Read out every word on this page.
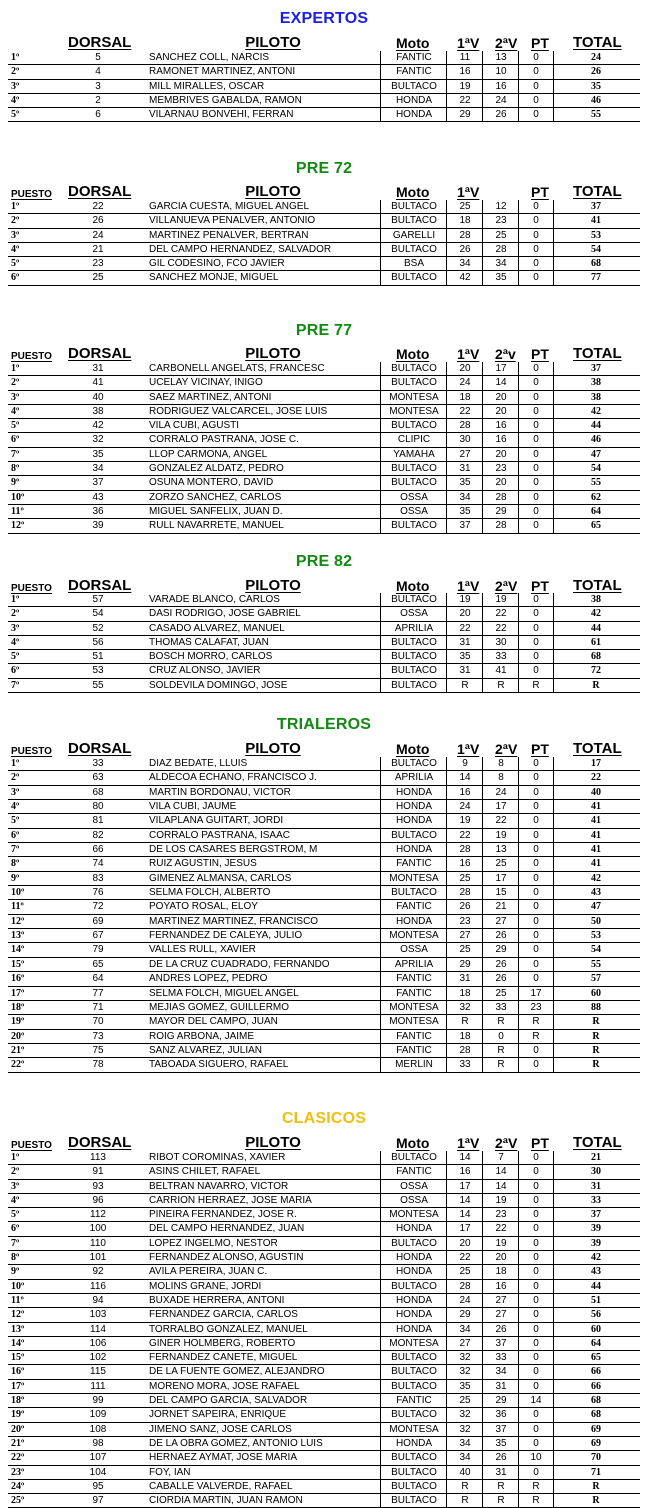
EXPERTOS
DORSAL	PILOTO	Moto 1ªV 2ªV PT TOTAL
1º	5	SANCHEZ COLL, NARCIS	FANTIC	11	13	0	24
2º	4	RAMONET MARTINEZ, ANTONI	FANTIC	16	10	0	26
3º	3	MILL MIRALLES, OSCAR	BULTACO	19	16	0	35
4º	2	MEMBRIVES GABALDA, RAMON	HONDA	22	24	0	46
5º	6	VILARNAU BONVEHI, FERRAN	HONDA	29	26	0	55
PRE 72
PUESTO DORSAL	PILOTO	Moto 1ªV	PT TOTAL
1º	22	GARCIA CUESTA, MIGUEL ANGEL	BULTACO	25	12	0	37
2º	26	VILLANUEVA PENALVER, ANTONIO	BULTACO	18	23	0	41
3º	24	MARTINEZ PENALVER, BERTRAN	GARELLI	28	25	0	53
4º	21	DEL CAMPO HERNANDEZ, SALVADOR	BULTACO	26	28	0	54
5º	23	GIL CODESINO, FCO JAVIER	BSA	34	34	0	68
6º	25	SANCHEZ MONJE, MIGUEL	BULTACO	42	35	0	77
PRE 77
PUESTO DORSAL	PILOTO	Moto 1ªV 2ªv PT TOTAL
1º	31	CARBONELL ANGELATS, FRANCESC	BULTACO	20	17	0	37
2º	41	UCELAY VICINAY, INIGO	BULTACO	24	14	0	38
3º	40	SAEZ MARTINEZ, ANTONI	MONTESA	18	20	0	38
4º	38	RODRIGUEZ VALCARCEL, JOSE LUIS	MONTESA	22	20	0	42
5º	42	VILA CUBI, AGUSTI	BULTACO	28	16	0	44
6º	32	CORRALO PASTRANA, JOSE C.	CLIPIC	30	16	0	46
7º	35	LLOP CARMONA, ANGEL	YAMAHA	27	20	0	47
8º	34	GONZALEZ ALDATZ, PEDRO	BULTACO	31	23	0	54
9º	37	OSUNA MONTERO, DAVID	BULTACO	35	20	0	55
10º	43	ZORZO SANCHEZ, CARLOS	OSSA	34	28	0	62
11º	36	MIGUEL SANFELIX, JUAN D.	OSSA	35	29	0	64
12º	39	RULL NAVARRETE, MANUEL	BULTACO	37	28	0	65
PRE 82
PUESTO DORSAL	PILOTO	Moto 1ªV 2ªV PT TOTAL
1º	57	VARADE BLANCO, CARLOS	BULTACO	19	19	0	38
2º	54	DASI RODRIGO, JOSE GABRIEL	OSSA	20	22	0	42
3º	52	CASADO ALVAREZ, MANUEL	APRILIA	22	22	0	44
4º	56	THOMAS CALAFAT, JUAN	BULTACO	31	30	0	61
5º	51	BOSCH MORRO, CARLOS	BULTACO	35	33	0	68
6º	53	CRUZ ALONSO, JAVIER	BULTACO	31	41	0	72
7º	55	SOLDEVILA DOMINGO, JOSE	BULTACO	R	R	R	R
TRIALEROS
PUESTO DORSAL	PILOTO	Moto 1ªV 2ªV PT TOTAL
1º	33	DIAZ BEDATE, LLUIS	BULTACO	9	8	0	17
2º	63	ALDECOA ECHANO, FRANCISCO J.	APRILIA	14	8	0	22
3º	68	MARTIN BORDONAU, VICTOR	HONDA	16	24	0	40
4º	80	VILA CUBI, JAUME	HONDA	24	17	0	41
5º	81	VILAPLANA GUITART, JORDI	HONDA	19	22	0	41
6º	82	CORRALO PASTRANA, ISAAC	BULTACO	22	19	0	41
7º	66	DE LOS CASARES BERGSTROM, M	HONDA	28	13	0	41
8º	74	RUIZ AGUSTIN, JESUS	FANTIC	16	25	0	41
9º	83	GIMENEZ ALMANSA, CARLOS	MONTESA	25	17	0	42
10º	76	SELMA FOLCH, ALBERTO	BULTACO	28	15	0	43
11º	72	POYATO ROSAL, ELOY	FANTIC	26	21	0	47
12º	69	MARTINEZ MARTINEZ, FRANCISCO	HONDA	23	27	0	50
13º	67	FERNANDEZ DE CALEYA, JULIO	MONTESA	27	26	0	53
14º	79	VALLES RULL, XAVIER	OSSA	25	29	0	54
15º	65	DE LA CRUZ CUADRADO, FERNANDO	APRILIA	29	26	0	55
16º	64	ANDRES LOPEZ, PEDRO	FANTIC	31	26	0	57
17º	77	SELMA FOLCH, MIGUEL ANGEL	FANTIC	18	25	17	60
18º	71	MEJIAS GOMEZ, GUILLERMO	MONTESA	32	33	23	88
19º	70	MAYOR DEL CAMPO, JUAN	MONTESA	R	R	R	R
20º	73	ROIG ARBONA, JAIME	FANTIC	18	0	R	R
21º	75	SANZ ALVAREZ, JULIAN	FANTIC	28	R	0	R
22º	78	TABOADA SIGUERO, RAFAEL	MERLIN	33	R	0	R
CLASICOS
PUESTO DORSAL	PILOTO	Moto 1ªV 2ªV PT TOTAL
1º	113	RIBOT COROMINAS, XAVIER	BULTACO	14	7	0	21
2º	91	ASINS CHILET, RAFAEL	FANTIC	16	14	0	30
3º	93	BELTRAN NAVARRO, VICTOR	OSSA	17	14	0	31
4º	96	CARRION HERRAEZ, JOSE MARIA	OSSA	14	19	0	33
5º	112	PINEIRA FERNANDEZ, JOSE R.	MONTESA	14	23	0	37
6º	100	DEL CAMPO HERNANDEZ, JUAN	HONDA	17	22	0	39
7º	110	LOPEZ INGELMO, NESTOR	BULTACO	20	19	0	39
8º	101	FERNANDEZ ALONSO, AGUSTIN	HONDA	22	20	0	42
9º	92	AVILA PEREIRA, JUAN C.	HONDA	25	18	0	43
10º	116	MOLINS GRANE, JORDI	BULTACO	28	16	0	44
11º	94	BUXADE HERRERA, ANTONI	HONDA	24	27	0	51
12º	103	FERNANDEZ GARCIA, CARLOS	HONDA	29	27	0	56
13º	114	TORRALBO GONZALEZ, MANUEL	HONDA	34	26	0	60
14º	106	GINER HOLMBERG, ROBERTO	MONTESA	27	37	0	64
15º	102	FERNANDEZ CANETE, MIGUEL	BULTACO	32	33	0	65
16º	115	DE LA FUENTE GOMEZ, ALEJANDRO	BULTACO	32	34	0	66
17º	111	MORENO MORA, JOSE RAFAEL	BULTACO	35	31	0	66
18º	99	DEL CAMPO GARCIA, SALVADOR	FANTIC	25	29	14	68
19º	109	JORNET SAPEIRA, ENRIQUE	BULTACO	32	36	0	68
20º	108	JIMENO SANZ, JOSE CARLOS	MONTESA	32	37	0	69
21º	98	DE LA OBRA GOMEZ, ANTONIO LUIS	HONDA	34	35	0	69
22º	107	HERNAEZ AYMAT, JOSE MARIA	BULTACO	34	26	10	70
23º	104	FOY, IAN	BULTACO	40	31	0	71
24º	95	CABALLE VALVERDE, RAFAEL	BULTACO	R	R	R	R
25º	97	CIORDIA MARTIN, JUAN RAMON	BULTACO	R	R	R	R
